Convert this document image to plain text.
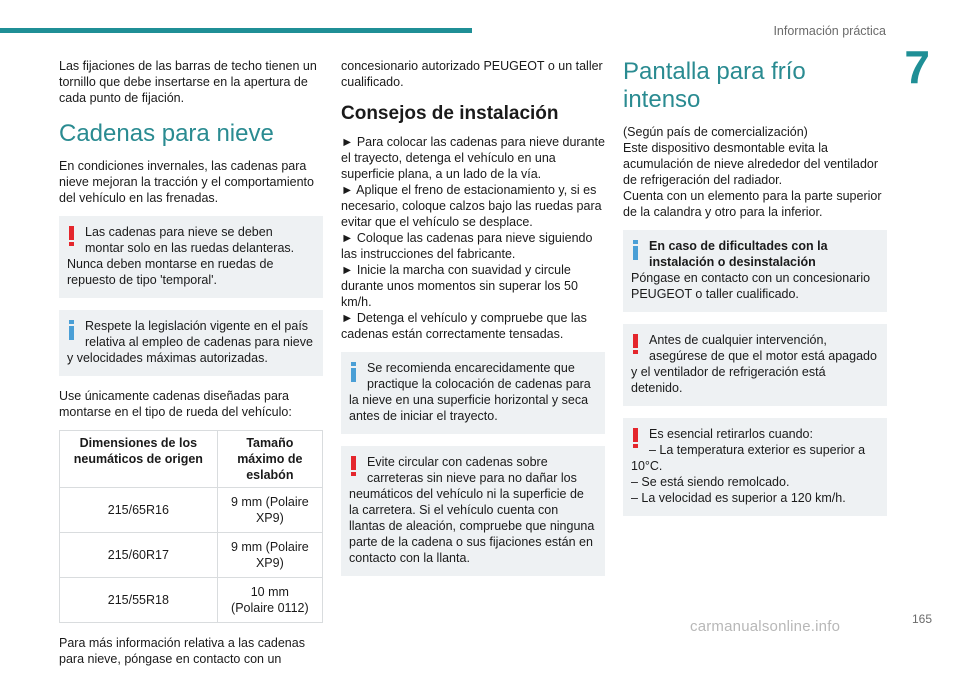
Información práctica
7

Las fijaciones de las barras de techo tienen un tornillo que debe insertarse en la apertura de cada punto de fijación.

Cadenas para nieve

En condiciones invernales, las cadenas para nieve mejoran la tracción y el comportamiento del vehículo en las frenadas.

Las cadenas para nieve se deben montar solo en las ruedas delanteras.
Nunca deben montarse en ruedas de repuesto de tipo 'temporal'.
Respete la legislación vigente en el país relativa al empleo de cadenas para nieve
y velocidades máximas autorizadas.

Use únicamente cadenas diseñadas para montarse en el tipo de rueda del vehículo:

Dimensiones de los neumáticos de origen	Tamaño máximo de eslabón
215/65R16	9 mm (Polaire XP9)
215/60R17	9 mm (Polaire XP9)
215/55R18	10 mm
(Polaire 0112)

Para más información relativa a las cadenas para nieve, póngase en contacto con un

concesionario autorizado PEUGEOT o un taller cualificado.

Consejos de instalación
► Para colocar las cadenas para nieve durante el trayecto, detenga el vehículo en una superficie plana, a un lado de la vía.
► Aplique el freno de estacionamiento y, si es necesario, coloque calzos bajo las ruedas para evitar que el vehículo se desplace.
► Coloque las cadenas para nieve siguiendo las instrucciones del fabricante.
► Inicie la marcha con suavidad y circule durante unos momentos sin superar los 50 km/h.
► Detenga el vehículo y compruebe que las cadenas están correctamente tensadas.
Se recomienda encarecidamente que practique la colocación de cadenas para
la nieve en una superficie horizontal y seca antes de iniciar el trayecto.
Evite circular con cadenas sobre carreteras sin nieve para no dañar los
neumáticos del vehículo ni la superficie de la carretera. Si el vehículo cuenta con llantas de aleación, compruebe que ninguna parte de la cadena o sus fijaciones están en contacto con la llanta.
Pantalla para frío intenso
(Según país de comercialización)
Este dispositivo desmontable evita la acumulación de nieve alrededor del ventilador de refrigeración del radiador.

Cuenta con un elemento para la parte superior de la calandra y otro para la inferior.

En caso de dificultades con la instalación o desinstalación
Póngase en contacto con un concesionario PEUGEOT o taller cualificado.
Antes de cualquier intervención, asegúrese de que el motor está apagado
y el ventilador de refrigeración está detenido.
Es esencial retirarlos cuando:
– La temperatura exterior es superior a
10°C.
– Se está siendo remolcado.
– La velocidad es superior a 120 km/h.
165
carmanualsonline.info
